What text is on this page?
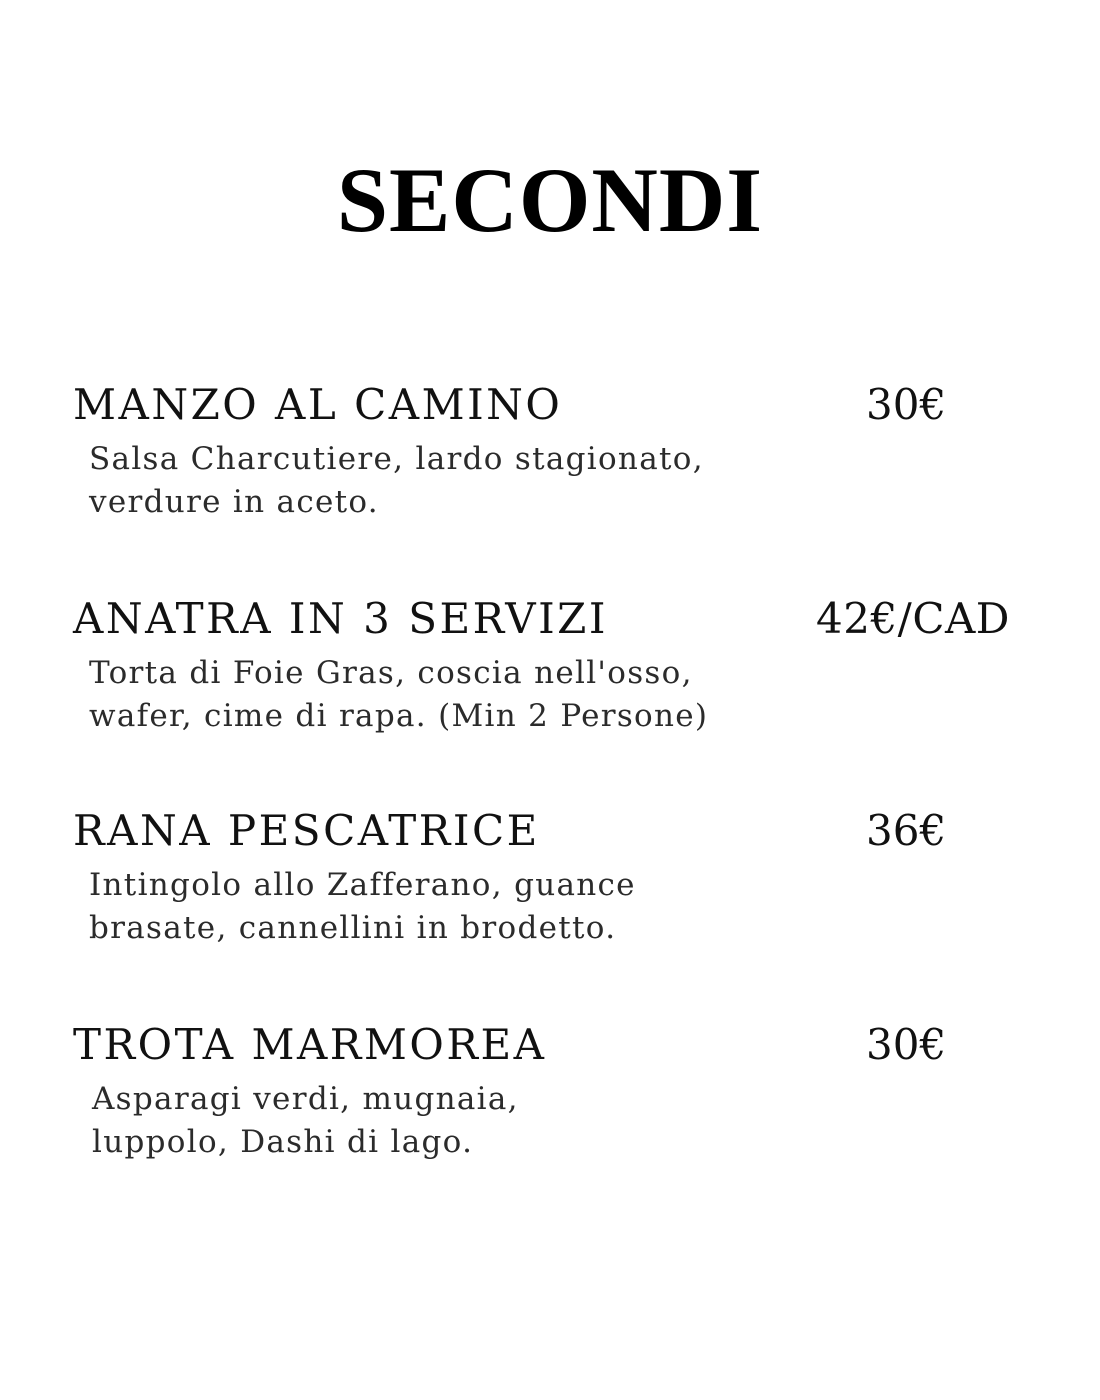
SECONDI
MANZO AL CAMINO	30€

Salsa Charcutiere, lardo stagionato,
verdure in aceto.

ANATRA IN 3 SERVIZI	42€/CAD

Torta di Foie Gras, coscia nell'osso,
wafer, cime di rapa. (Min 2 Persone)

RANA PESCATRICE	36€

Intingolo allo Zafferano, guance
brasate, cannellini in brodetto.

TROTA MARMOREA	30€

Asparagi verdi, mugnaia,
luppolo, Dashi di lago.
